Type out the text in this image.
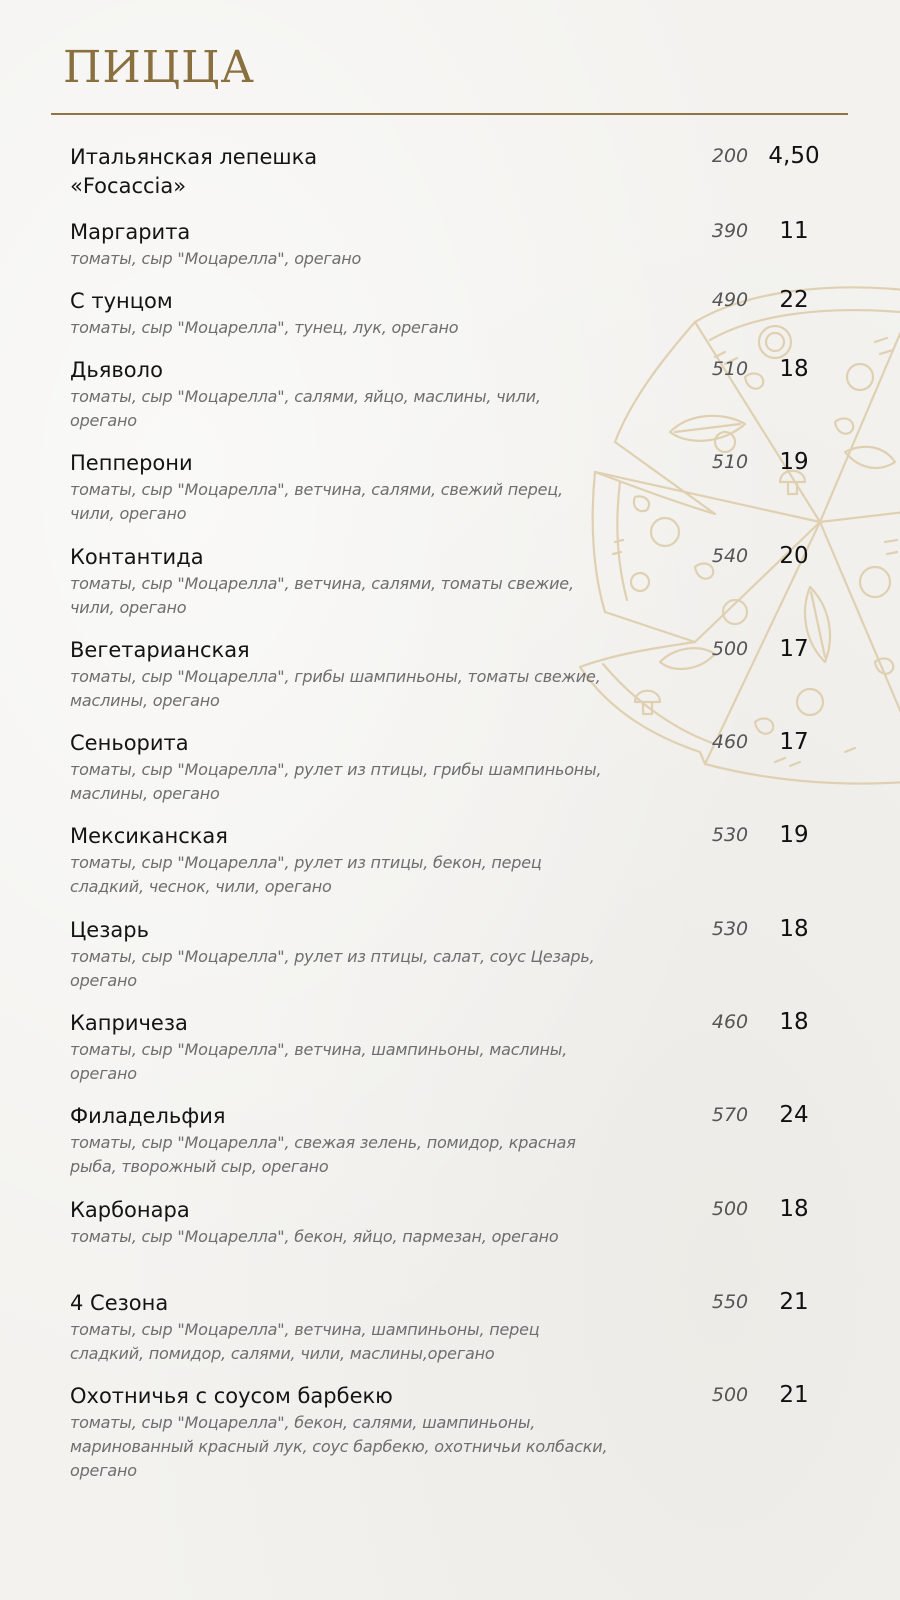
ПИЦЦА
Итальянская лепешка
«Focaccia»
200 4,50
Маргарита
томаты, сыр "Моцарелла", орегано
390	11
С тунцом
томаты, сыр "Моцарелла", тунец, лук, орегано
490	22
Дьяволо
томаты, сыр "Моцарелла", салями, яйцо, маслины, чили, орегано
510	18
Пепперони
томаты, сыр "Моцарелла", ветчина, салями, свежий перец, чили, орегано
510	19
Контантида
томаты, сыр "Моцарелла", ветчина, салями, томаты свежие, чили, орегано
540	20
Вегетарианская
томаты, сыр "Моцарелла", грибы шампиньоны, томаты свежие, маслины, орегано
500	17
Сеньорита
томаты, сыр "Моцарелла", рулет из птицы, грибы шампиньоны, маслины, орегано
460	17
Мексиканская
томаты, сыр "Моцарелла", рулет из птицы, бекон, перец сладкий, чеснок, чили, орегано
530	19
Цезарь
томаты, сыр "Моцарелла", рулет из птицы, салат, соус Цезарь, орегано
530	18
Капричеза
томаты, сыр "Моцарелла", ветчина, шампиньоны, маслины, орегано
460	18
Филадельфия
томаты, сыр "Моцарелла", свежая зелень, помидор, красная рыба, творожный сыр, орегано
570	24
Карбонара
томаты, сыр "Моцарелла", бекон, яйцо, пармезан, орегано
500	18
4 Сезона
томаты, сыр "Моцарелла", ветчина, шампиньоны, перец сладкий, помидор, салями, чили, маслины,орегано
550	21
Охотничья с соусом барбекю
томаты, сыр "Моцарелла", бекон, салями, шампиньоны, маринованный красный лук, соус барбекю, охотничьи колбаски, орегано
500	21
